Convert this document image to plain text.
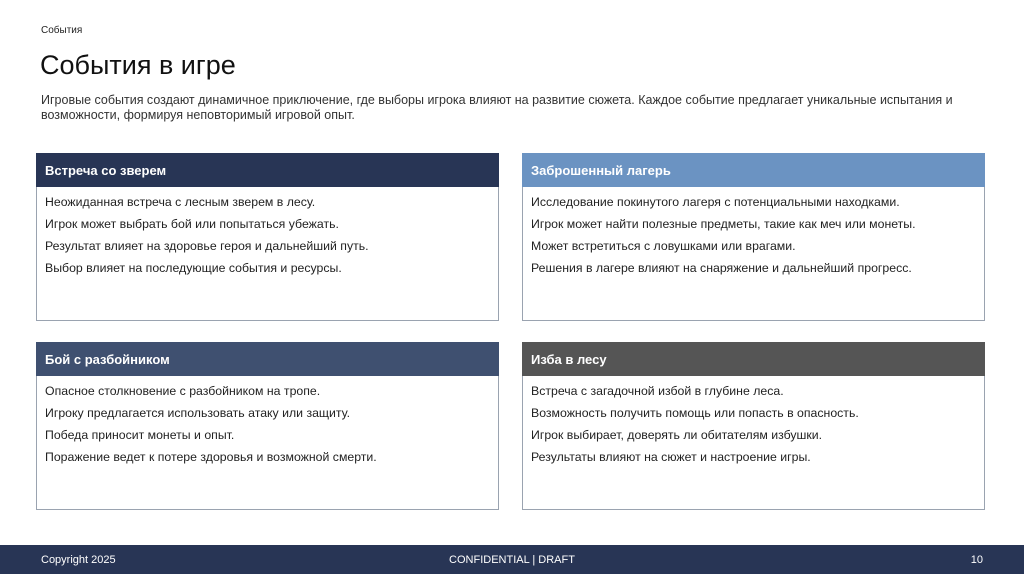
События
События в игре
Игровые события создают динамичное приключение, где выборы игрока влияют на развитие сюжета. Каждое событие предлагает уникальные испытания и возможности, формируя неповторимый игровой опыт.
Встреча со зверем
Неожиданная встреча с лесным зверем в лесу.
Игрок может выбрать бой или попытаться убежать.
Результат влияет на здоровье героя и дальнейший путь.
Выбор влияет на последующие события и ресурсы.
Заброшенный лагерь
Исследование покинутого лагеря с потенциальными находками.
Игрок может найти полезные предметы, такие как меч или монеты.
Может встретиться с ловушками или врагами.
Решения в лагере влияют на снаряжение и дальнейший прогресс.
Бой с разбойником
Опасное столкновение с разбойником на тропе.
Игроку предлагается использовать атаку или защиту.
Победа приносит монеты и опыт.
Поражение ведет к потере здоровья и возможной смерти.
Изба в лесу
Встреча с загадочной избой в глубине леса.
Возможность получить помощь или попасть в опасность.
Игрок выбирает, доверять ли обитателям избушки.
Результаты влияют на сюжет и настроение игры.
Copyright 2025	CONFIDENTIAL | DRAFT	10
